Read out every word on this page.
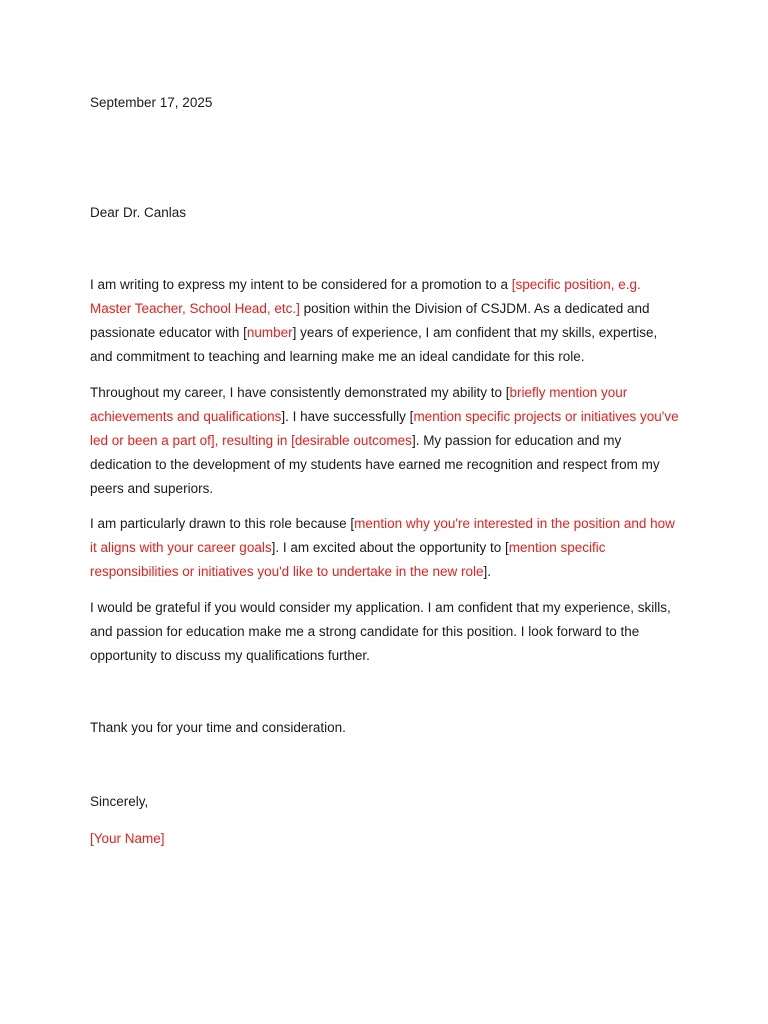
September 17, 2025

Dear Dr. Canlas

I am writing to express my intent to be considered for a promotion to a [specific position, e.g. Master Teacher, School Head, etc.] position within the Division of CSJDM. As a dedicated and passionate educator with [number] years of experience, I am confident that my skills, expertise, and commitment to teaching and learning make me an ideal candidate for this role.

Throughout my career, I have consistently demonstrated my ability to [briefly mention your achievements and qualifications]. I have successfully [mention specific projects or initiatives you've led or been a part of], resulting in [desirable outcomes]. My passion for education and my dedication to the development of my students have earned me recognition and respect from my peers and superiors.

I am particularly drawn to this role because [mention why you're interested in the position and how it aligns with your career goals]. I am excited about the opportunity to [mention specific responsibilities or initiatives you'd like to undertake in the new role].

I would be grateful if you would consider my application. I am confident that my experience, skills, and passion for education make me a strong candidate for this position. I look forward to the opportunity to discuss my qualifications further.

Thank you for your time and consideration.

Sincerely,

[Your Name]
